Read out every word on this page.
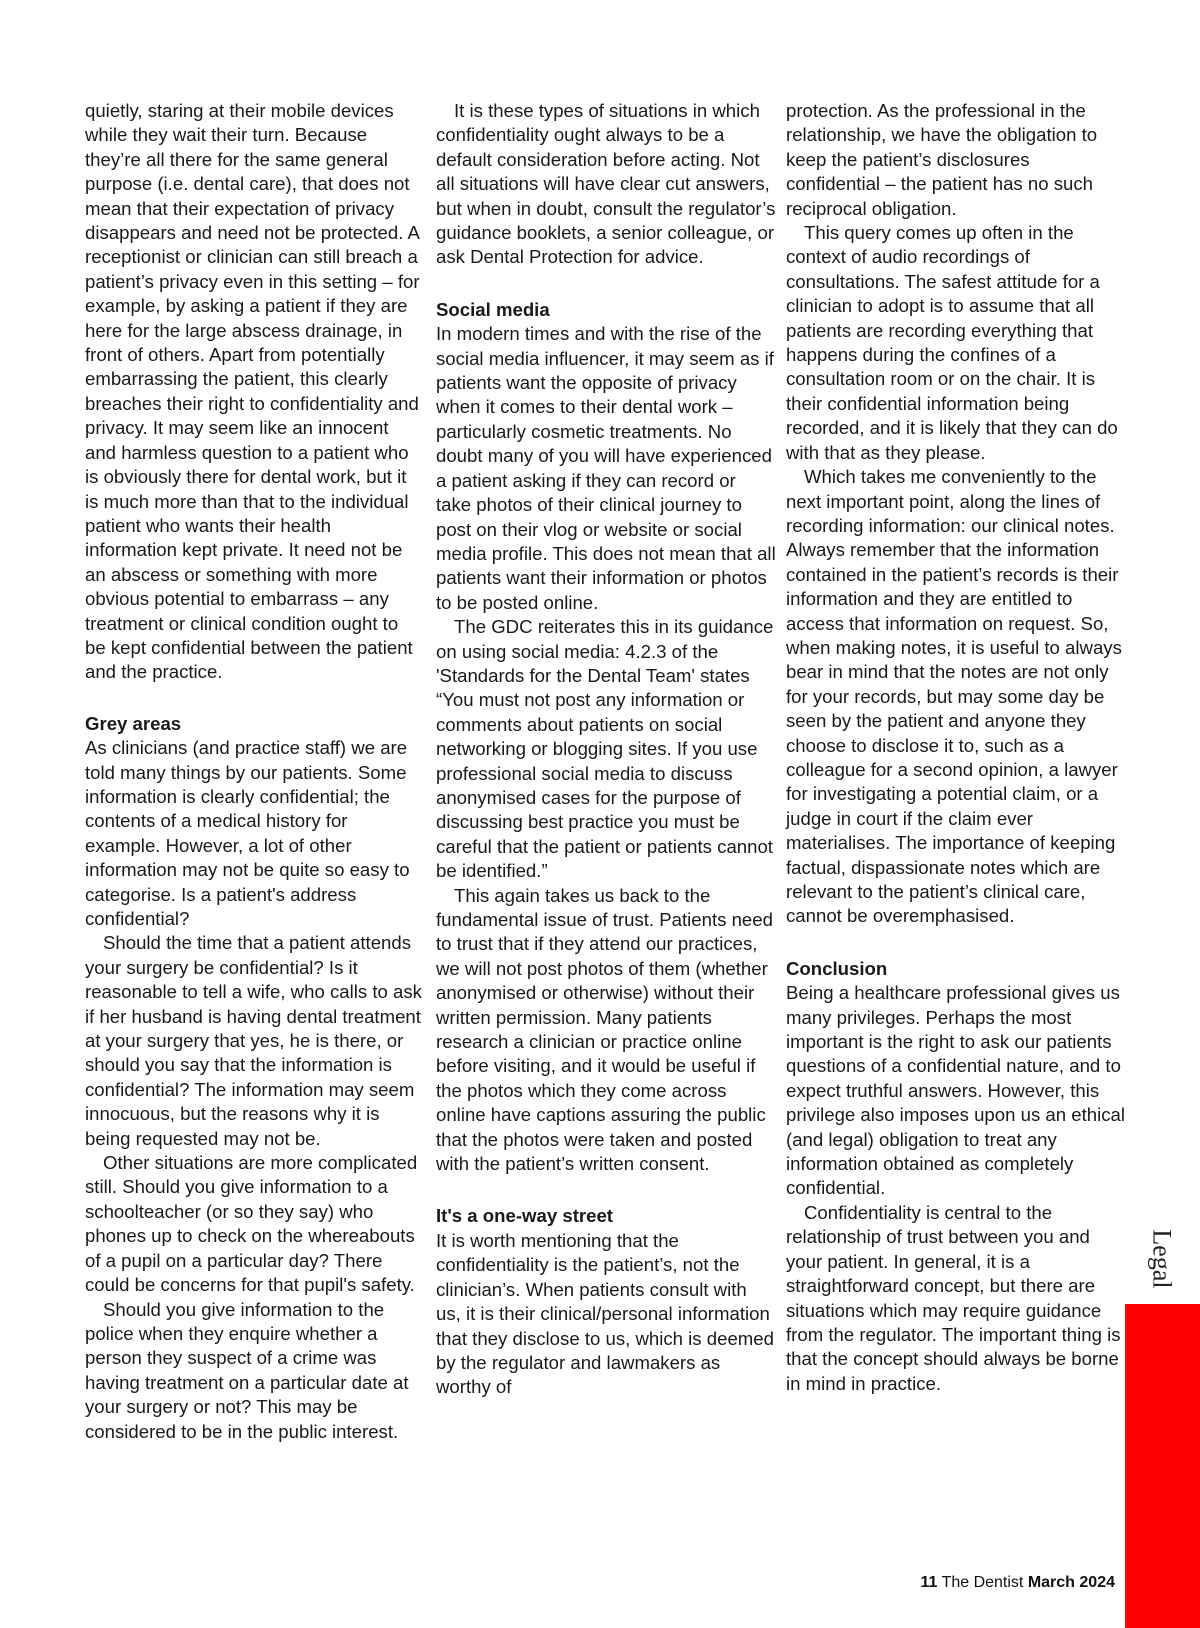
quietly, staring at their mobile devices while they wait their turn. Because they’re all there for the same general purpose (i.e. dental care), that does not mean that their expectation of privacy disappears and need not be protected. A receptionist or clinician can still breach a patient’s privacy even in this setting – for example, by asking a patient if they are here for the large abscess drainage, in front of others. Apart from potentially embarrassing the patient, this clearly breaches their right to confidentiality and privacy. It may seem like an innocent and harmless question to a patient who is obviously there for dental work, but it is much more than that to the individual patient who wants their health information kept private. It need not be an abscess or something with more obvious potential to embarrass – any treatment or clinical condition ought to be kept confidential between the patient and the practice.

Grey areas

As clinicians (and practice staff) we are told many things by our patients. Some information is clearly confidential; the contents of a medical history for example. However, a lot of other information may not be quite so easy to categorise. Is a patient's address confidential?

Should the time that a patient attends your surgery be confidential? Is it reasonable to tell a wife, who calls to ask if her husband is having dental treatment at your surgery that yes, he is there, or should you say that the information is confidential? The information may seem innocuous, but the reasons why it is being requested may not be.

Other situations are more complicated still. Should you give information to a schoolteacher (or so they say) who phones up to check on the whereabouts of a pupil on a particular day? There could be concerns for that pupil's safety.

Should you give information to the police when they enquire whether a person they suspect of a crime was having treatment on a particular date at your surgery or not? This may be considered to be in the public interest.

It is these types of situations in which confidentiality ought always to be a default consideration before acting. Not all situations will have clear cut answers, but when in doubt, consult the regulator’s guidance booklets, a senior colleague, or ask Dental Protection for advice.

Social media

In modern times and with the rise of the social media influencer, it may seem as if patients want the opposite of privacy when it comes to their dental work – particularly cosmetic treatments. No doubt many of you will have experienced a patient asking if they can record or take photos of their clinical journey to post on their vlog or website or social media profile. This does not mean that all patients want their information or photos to be posted online.

The GDC reiterates this in its guidance on using social media: 4.2.3 of the 'Standards for the Dental Team' states “You must not post any information or comments about patients on social networking or blogging sites. If you use professional social media to discuss anonymised cases for the purpose of discussing best practice you must be careful that the patient or patients cannot be identified.”

This again takes us back to the fundamental issue of trust. Patients need to trust that if they attend our practices, we will not post photos of them (whether anonymised or otherwise) without their written permission. Many patients research a clinician or practice online before visiting, and it would be useful if the photos which they come across online have captions assuring the public that the photos were taken and posted with the patient’s written consent.

It's a one-way street

It is worth mentioning that the confidentiality is the patient’s, not the clinician’s. When patients consult with us, it is their clinical/personal information that they disclose to us, which is deemed by the regulator and lawmakers as worthy of

protection. As the professional in the relationship, we have the obligation to keep the patient’s disclosures confidential – the patient has no such reciprocal obligation.

This query comes up often in the context of audio recordings of consultations. The safest attitude for a clinician to adopt is to assume that all patients are recording everything that happens during the confines of a consultation room or on the chair. It is their confidential information being recorded, and it is likely that they can do with that as they please.

Which takes me conveniently to the next important point, along the lines of recording information: our clinical notes. Always remember that the information contained in the patient’s records is their information and they are entitled to access that information on request. So, when making notes, it is useful to always bear in mind that the notes are not only for your records, but may some day be seen by the patient and anyone they choose to disclose it to, such as a colleague for a second opinion, a lawyer for investigating a potential claim, or a judge in court if the claim ever materialises. The importance of keeping factual, dispassionate notes which are relevant to the patient’s clinical care, cannot be overemphasised.

Conclusion

Being a healthcare professional gives us many privileges. Perhaps the most important is the right to ask our patients questions of a confidential nature, and to expect truthful answers. However, this privilege also imposes upon us an ethical (and legal) obligation to treat any information obtained as completely confidential.

Confidentiality is central to the relationship of trust between you and your patient. In general, it is a straightforward concept, but there are situations which may require guidance from the regulator. The important thing is that the concept should always be borne in mind in practice.

Legal
11 The Dentist March 2024
